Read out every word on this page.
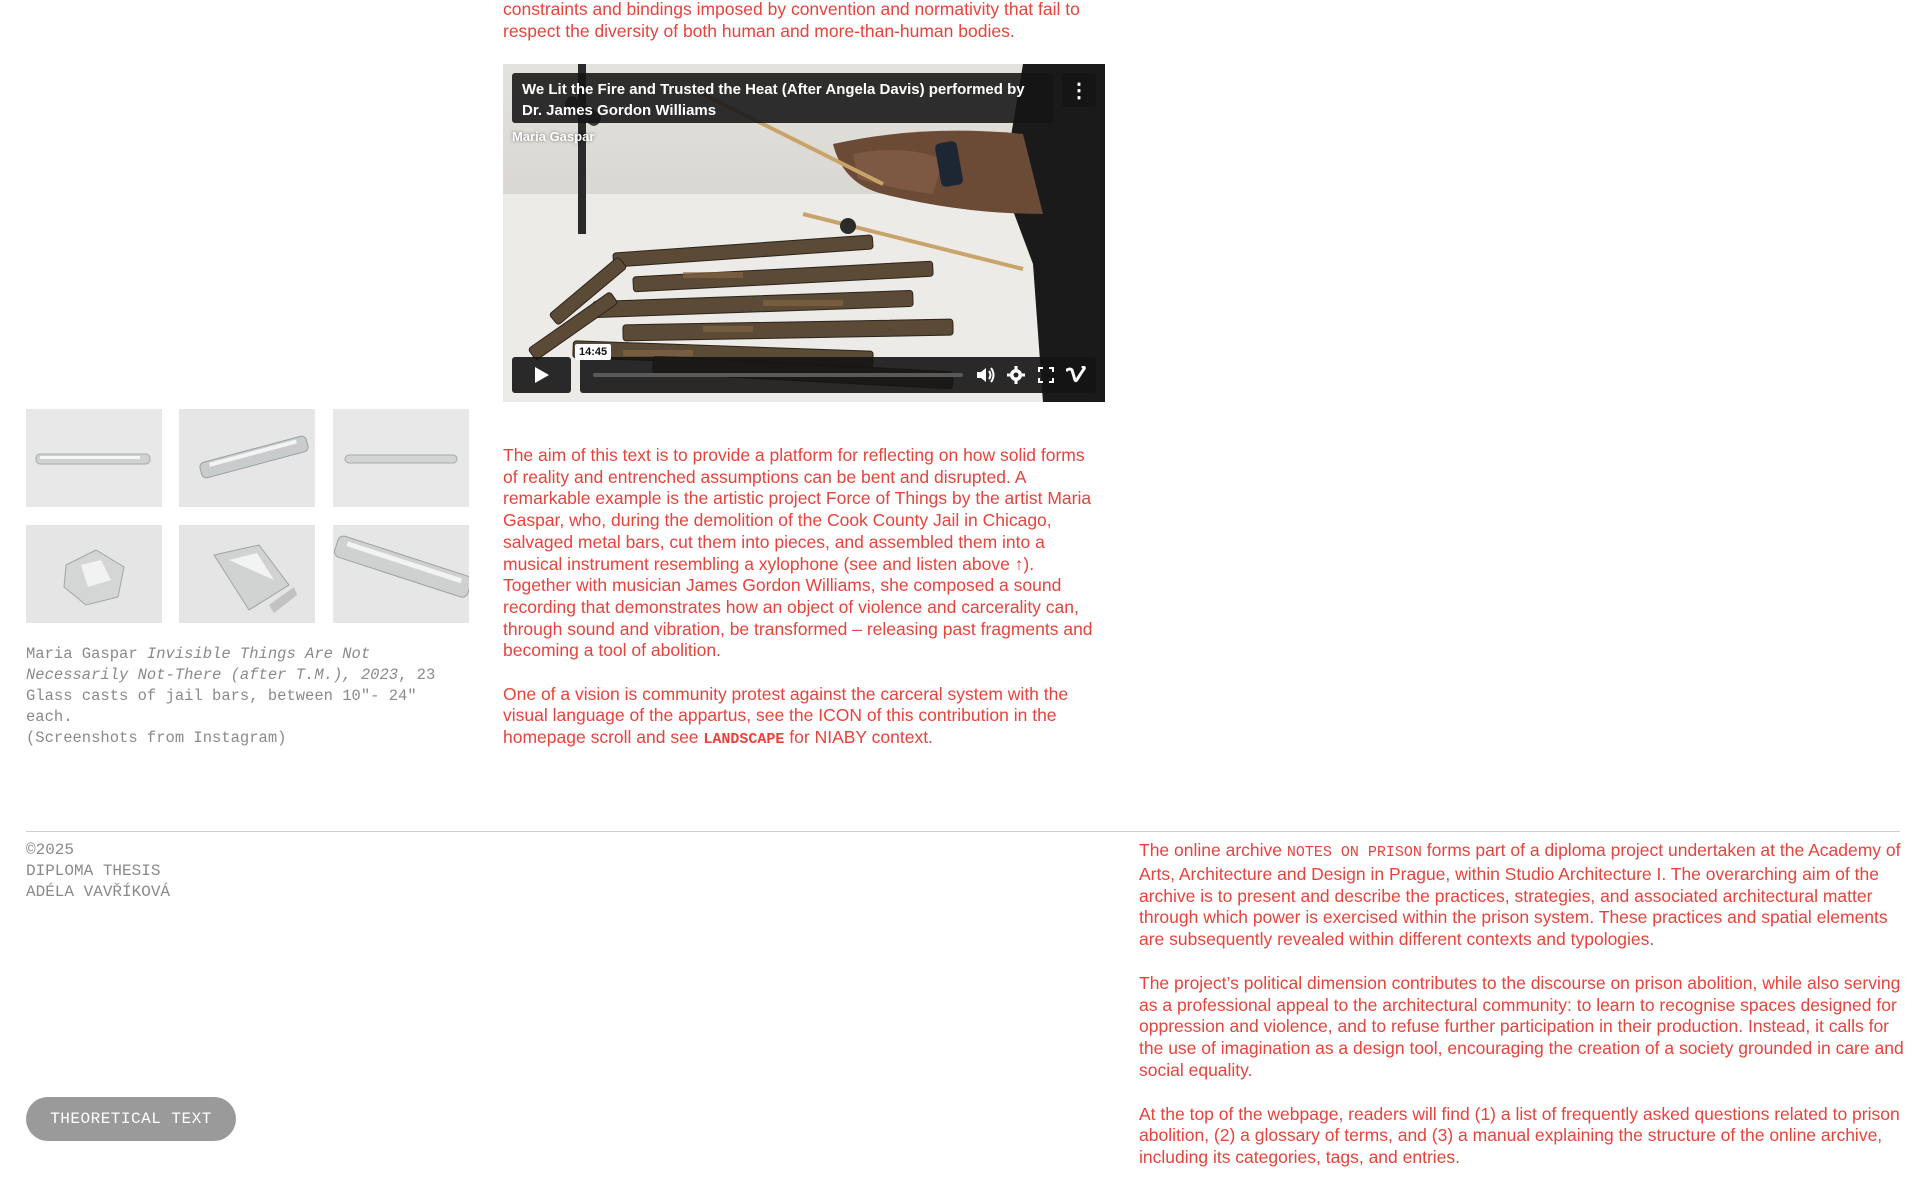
constraints and bindings imposed by convention and normativity that fail to respect the diversity of both human and more-than-human bodies.

We Lit the Fire and Trusted the Heat (After Angela Davis) performed by Dr. James Gordon Williams
Maria Gaspar
⋮
14:45
Maria Gaspar Invisible Things Are Not Necessarily Not-There (after T.M.), 2023, 23 Glass casts of jail bars, between 10"- 24" each.
(Screenshots from Instagram)

The aim of this text is to provide a platform for reflecting on how solid forms of reality and entrenched assumptions can be bent and disrupted. A remarkable example is the artistic project Force of Things by the artist Maria Gaspar, who, during the demolition of the Cook County Jail in Chicago, salvaged metal bars, cut them into pieces, and assembled them into a musical instrument resembling a xylophone (see and listen above ↑). Together with musician James Gordon Williams, she composed a sound recording that demonstrates how an object of violence and carcerality can, through sound and vibration, be transformed – releasing past fragments and becoming a tool of abolition.

One of a vision is community protest against the carceral system with the visual language of the appartus, see the ICON of this contribution in the homepage scroll and see LANDSCAPE for NIABY context.

©2025
DIPLOMA THESIS
ADÉLA VAVŘÍKOVÁ
THEORETICAL TEXT

The online archive NOTES ON PRISON forms part of a diploma project undertaken at the Academy of Arts, Architecture and Design in Prague, within Studio Architecture I. The overarching aim of the archive is to present and describe the practices, strategies, and associated architectural matter through which power is exercised within the prison system. These practices and spatial elements are subsequently revealed within different contexts and typologies.

The project’s political dimension contributes to the discourse on prison abolition, while also serving as a professional appeal to the architectural community: to learn to recognise spaces designed for oppression and violence, and to refuse further participation in their production. Instead, it calls for the use of imagination as a design tool, encouraging the creation of a society grounded in care and social equality.

At the top of the webpage, readers will find (1) a list of frequently asked questions related to prison abolition, (2) a glossary of terms, and (3) a manual explaining the structure of the online archive, including its categories, tags, and entries.
